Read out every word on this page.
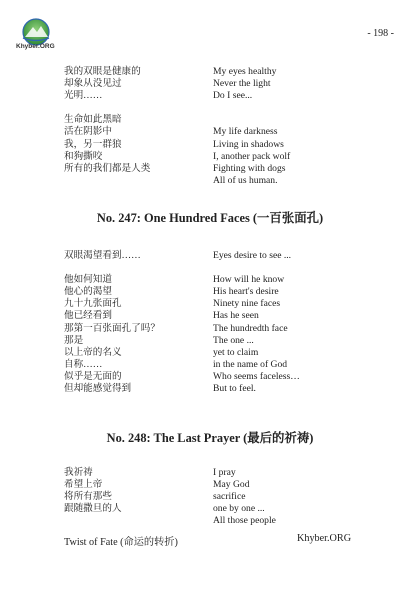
Khyber.ORG
- 198 -
我的双眼是健康的
却象从没见过
光明……
生命如此黑暗
活在阴影中
我，另一群狼
和狗撕咬
所有的我们都是人类
My eyes healthy
Never the light
Do I see...
My life darkness
Living in shadows
I, another pack wolf
Fighting with dogs
All of us human.
No. 247: One Hundred Faces (一百张面孔)
双眼渴望看到……
他如何知道
他心的渴望
九十九张面孔
他已经看到
那第一百张面孔了吗？
那是
以上帝的名义
自称……
似乎是无面的
但却能感觉得到
Eyes desire to see ...
How will he know
His heart's desire
Ninety nine faces
Has he seen
The hundredth face
The one ...
yet to claim
in the name of God
Who seems faceless…
But to feel.
No. 248: The Last Prayer (最后的祈祷)
我祈祷
希望上帝
将所有那些
跟随撒旦的人
I pray
May God
sacrifice
one by one ...
All those people
Twist of Fate (命运的转折)	Khyber.ORG
